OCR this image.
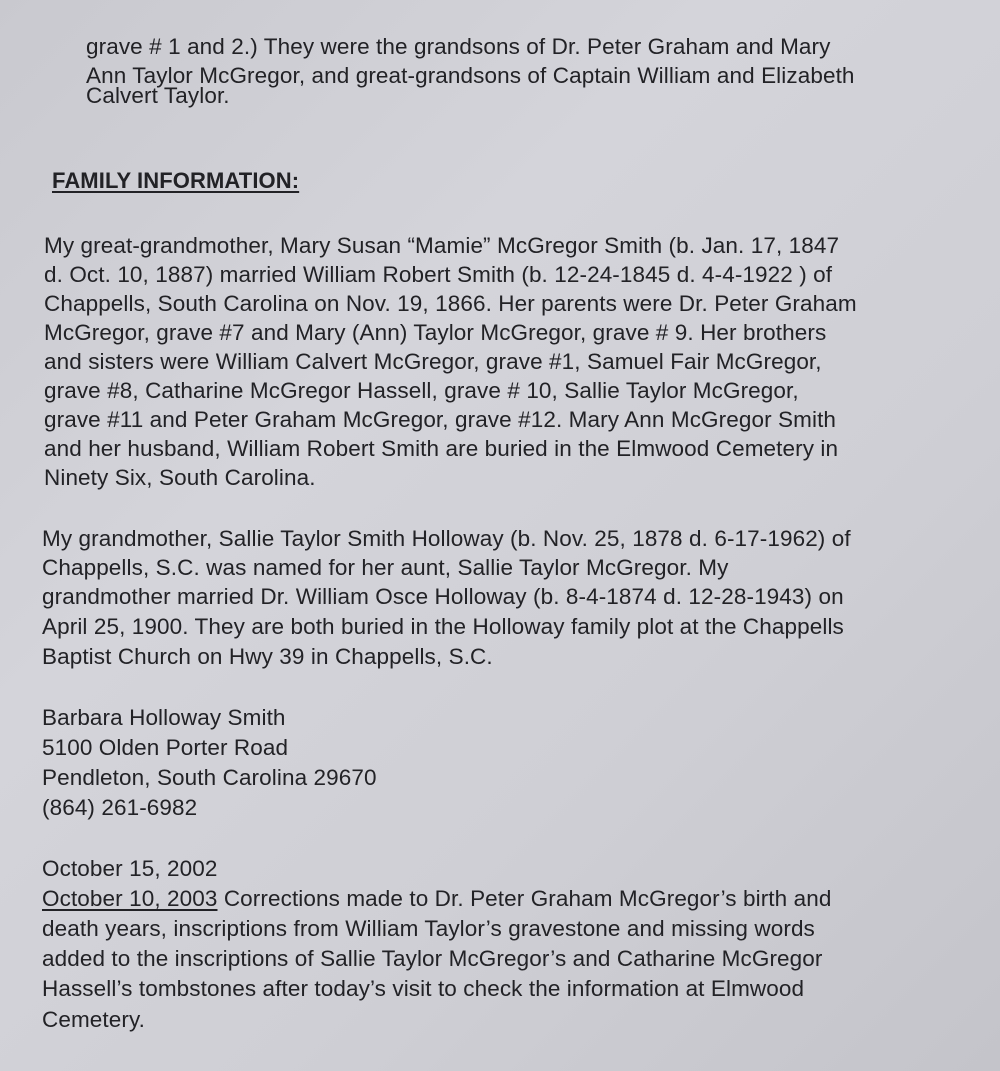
grave # 1 and 2.) They were the grandsons of Dr. Peter Graham and Mary
Ann Taylor McGregor, and great-grandsons of Captain William and Elizabeth
Calvert Taylor.
FAMILY INFORMATION:
My great-grandmother, Mary Susan “Mamie” McGregor Smith (b. Jan. 17, 1847
d. Oct. 10, 1887) married William Robert Smith (b. 12-24-1845 d. 4-4-1922 ) of
Chappells, South Carolina on Nov. 19, 1866. Her parents were Dr. Peter Graham
McGregor, grave #7 and Mary (Ann) Taylor McGregor, grave # 9. Her brothers
and sisters were William Calvert McGregor, grave #1, Samuel Fair McGregor,
grave #8, Catharine McGregor Hassell, grave # 10, Sallie Taylor McGregor,
grave #11 and Peter Graham McGregor, grave #12. Mary Ann McGregor Smith
and her husband, William Robert Smith are buried in the Elmwood Cemetery in
Ninety Six, South Carolina.
My grandmother, Sallie Taylor Smith Holloway (b. Nov. 25, 1878 d. 6-17-1962) of
Chappells, S.C. was named for her aunt, Sallie Taylor McGregor. My
grandmother married Dr. William Osce Holloway (b. 8-4-1874 d. 12-28-1943) on
April 25, 1900. They are both buried in the Holloway family plot at the Chappells
Baptist Church on Hwy 39 in Chappells, S.C.
Barbara Holloway Smith
5100 Olden Porter Road
Pendleton, South Carolina 29670
(864) 261-6982
October 15, 2002
October 10, 2003 Corrections made to Dr. Peter Graham McGregor’s birth and
death years, inscriptions from William Taylor’s gravestone and missing words
added to the inscriptions of Sallie Taylor McGregor’s and Catharine McGregor
Hassell’s tombstones after today’s visit to check the information at Elmwood
Cemetery.
